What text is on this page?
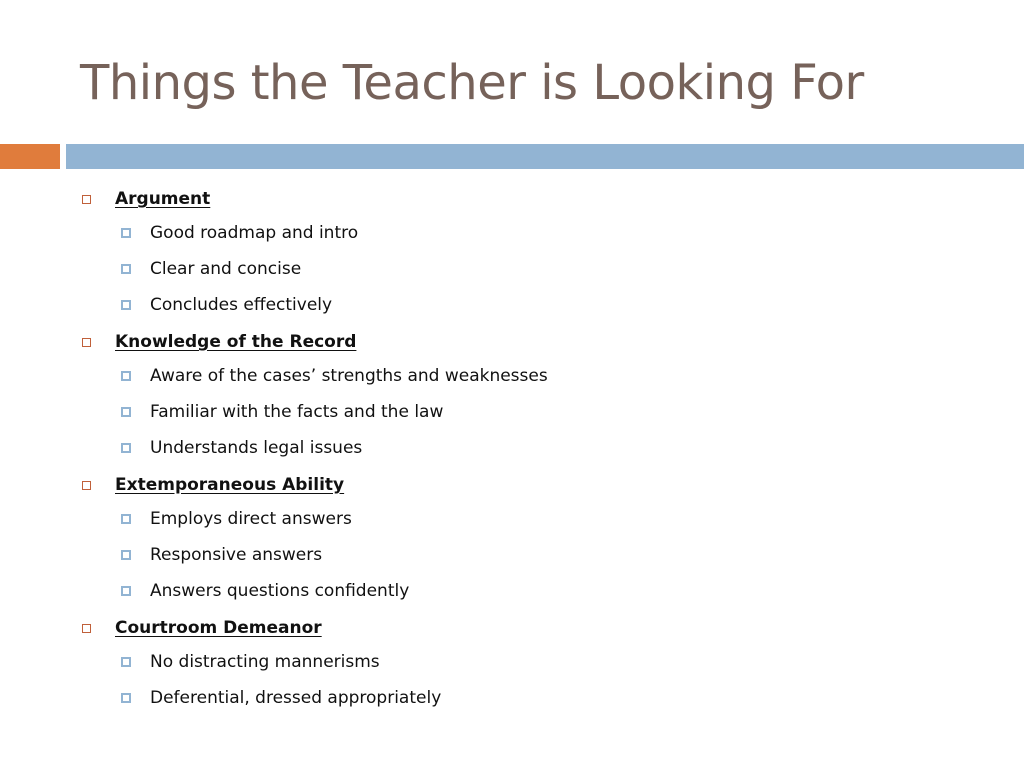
Things the Teacher is Looking For
Argument
Good roadmap and intro
Clear and concise
Concludes effectively
Knowledge of the Record
Aware of the cases’ strengths and weaknesses
Familiar with the facts and the law
Understands legal issues
Extemporaneous Ability
Employs direct answers
Responsive answers
Answers questions confidently
Courtroom Demeanor
No distracting mannerisms
Deferential, dressed appropriately
